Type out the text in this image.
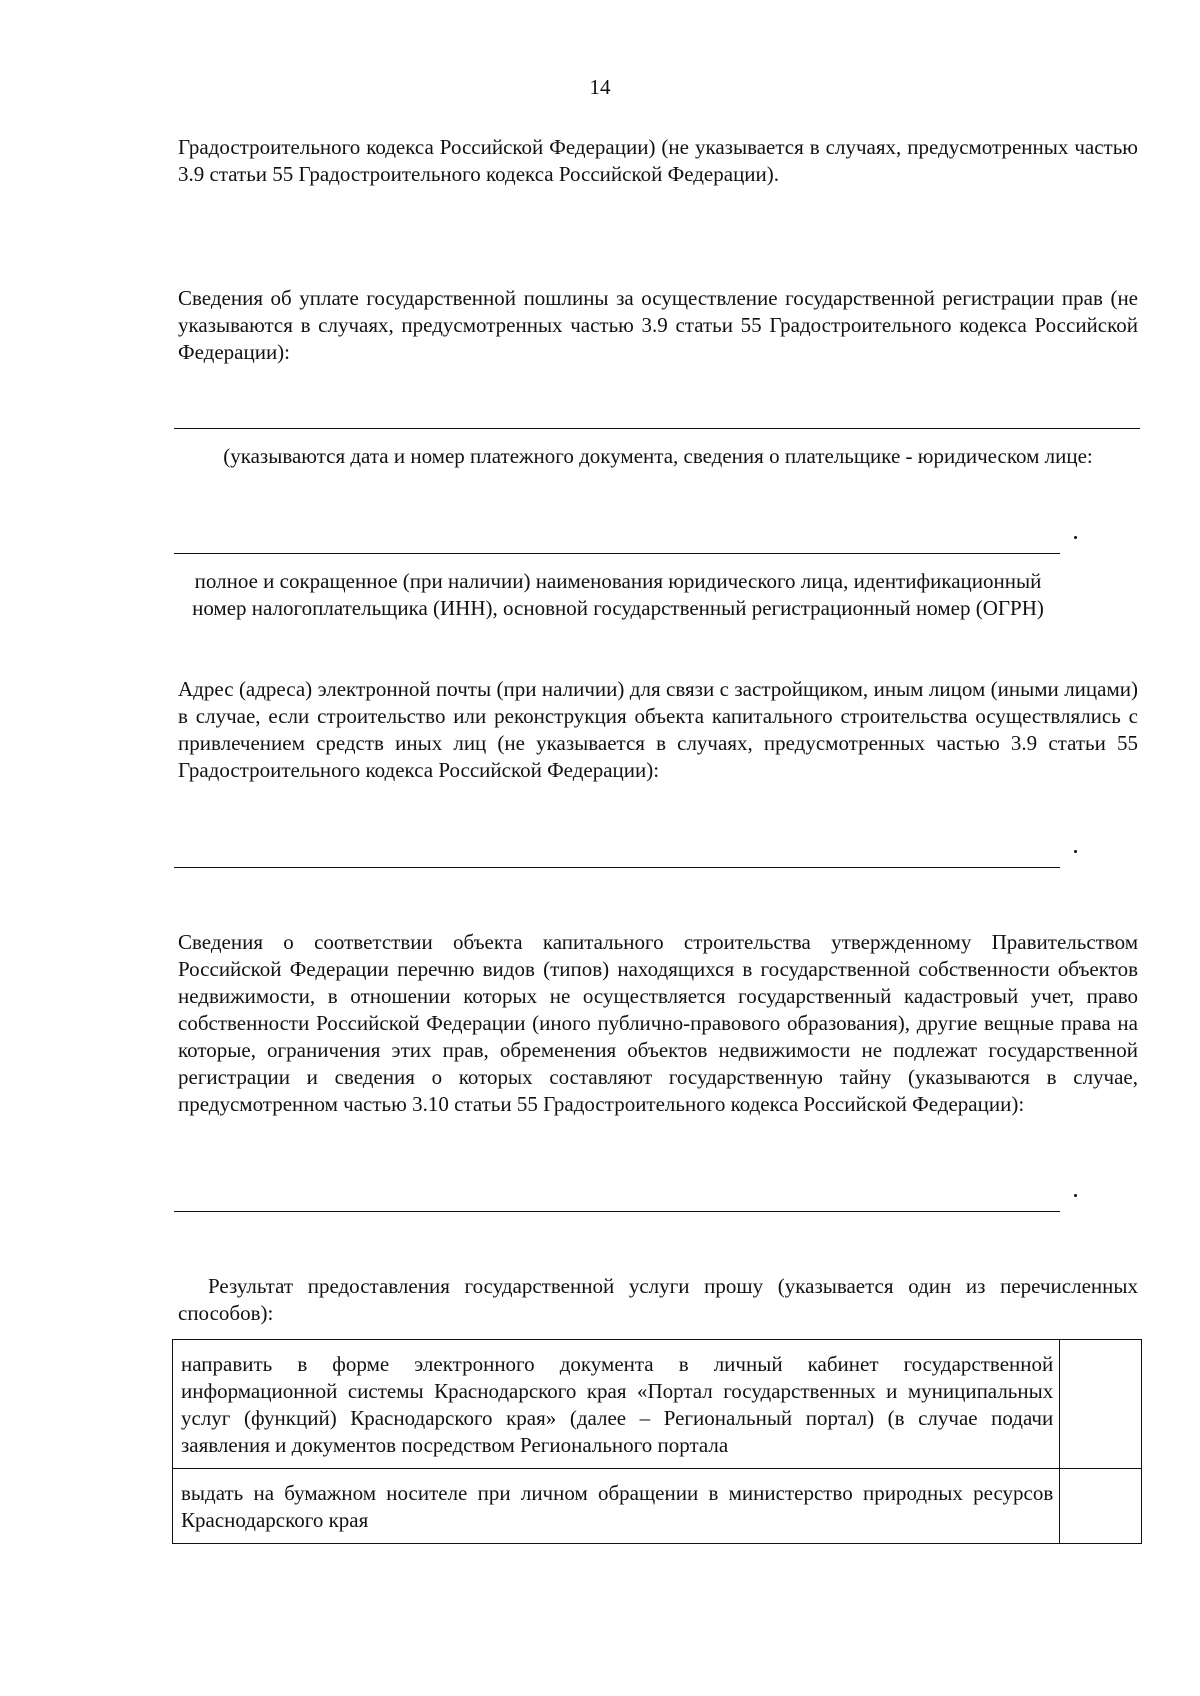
14
Градостроительного кодекса Российской Федерации) (не указывается в случаях, предусмотренных частью 3.9 статьи 55 Градостроительного кодекса Российской Федерации).
Сведения об уплате государственной пошлины за осуществление государственной регистрации прав (не указываются в случаях, предусмотренных частью 3.9 статьи 55 Градостроительного кодекса Российской Федерации):
(указываются дата и номер платежного документа, сведения о плательщике - юридическом лице:
полное и сокращенное (при наличии) наименования юридического лица, идентификационный номер налогоплательщика (ИНН), основной государственный регистрационный номер (ОГРН)
Адрес (адреса) электронной почты (при наличии) для связи с застройщиком, иным лицом (иными лицами) в случае, если строительство или реконструкция объекта капитального строительства осуществлялись с привлечением средств иных лиц (не указывается в случаях, предусмотренных частью 3.9 статьи 55 Градостроительного кодекса Российской Федерации):
Сведения о соответствии объекта капитального строительства утвержденному Правительством Российской Федерации перечню видов (типов) находящихся в государственной собственности объектов недвижимости, в отношении которых не осуществляется государственный кадастровый учет, право собственности Российской Федерации (иного публично-правового образования), другие вещные права на которые, ограничения этих прав, обременения объектов недвижимости не подлежат государственной регистрации и сведения о которых составляют государственную тайну (указываются в случае, предусмотренном частью 3.10 статьи 55 Градостроительного кодекса Российской Федерации):
Результат предоставления государственной услуги прошу (указывается один из перечисленных способов):
направить в форме электронного документа в личный кабинет государственной информационной системы Краснодарского края «Портал государственных и муниципальных услуг (функций) Краснодарского края» (далее – Региональный портал) (в случае подачи заявления и документов посредством Регионального портала	
выдать на бумажном носителе при личном обращении в министерство природных ресурсов Краснодарского края	
